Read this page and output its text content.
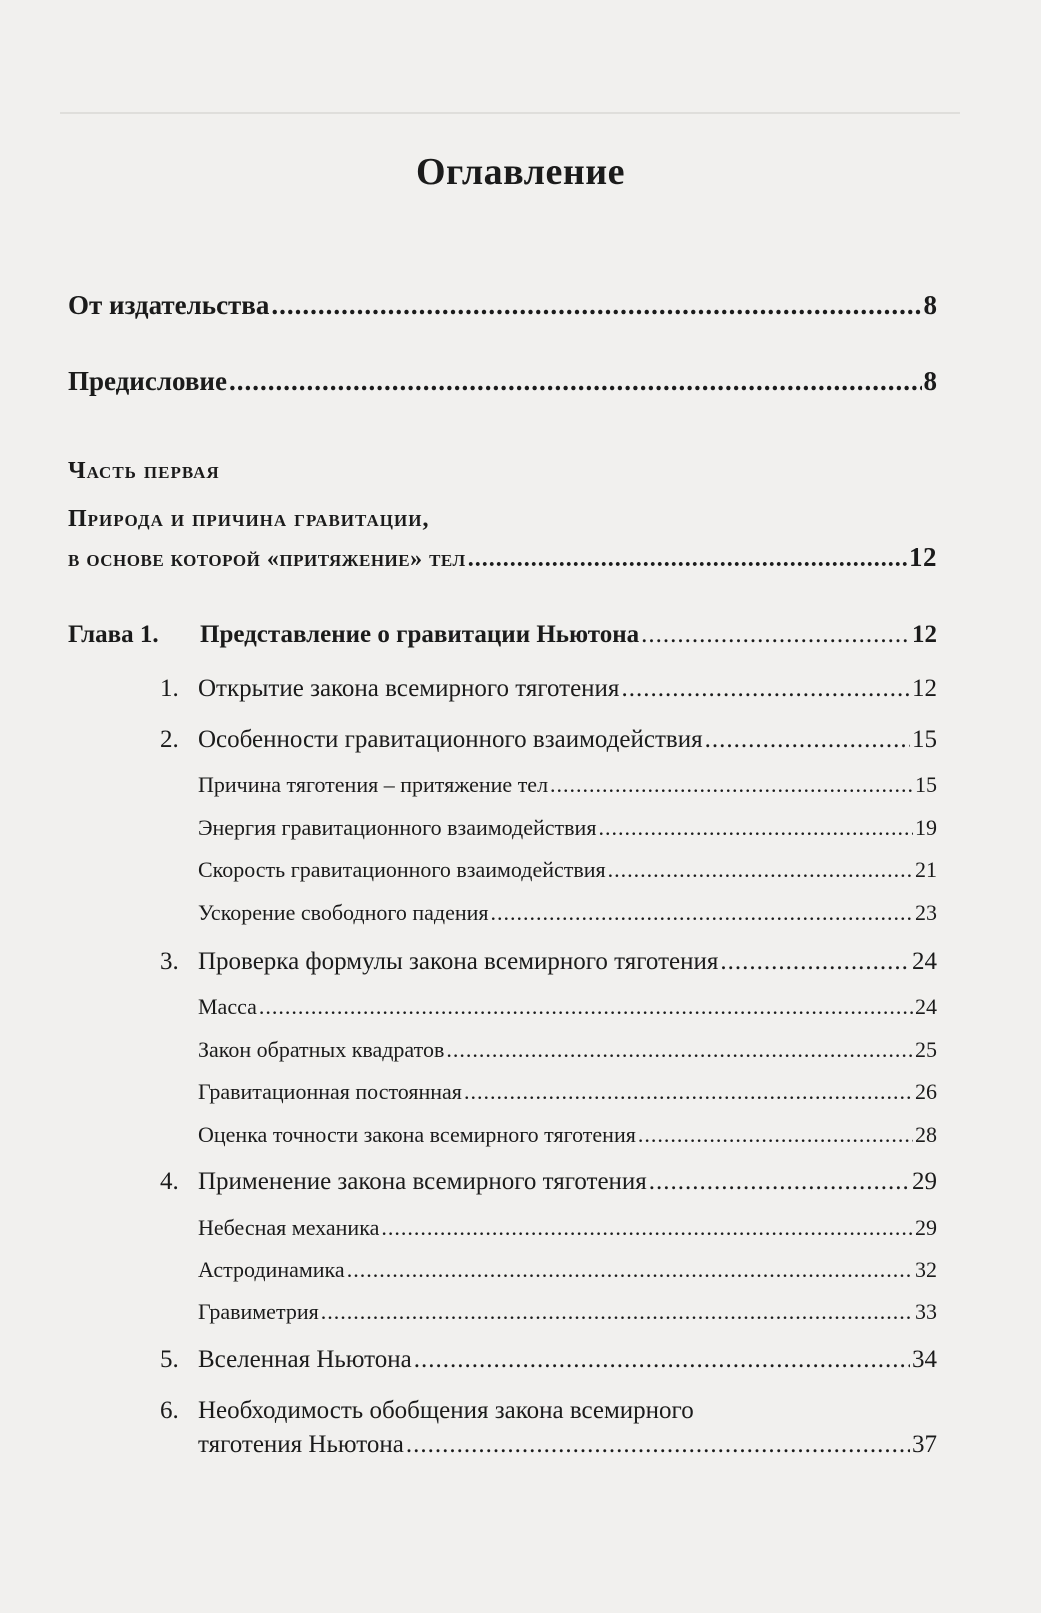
Оглавление
От издательства .....	8
Предисловие .....	8
Часть первая
Природа и причина гравитации,
в основе которой «притяжение» тел .....	12
Глава 1.	Представление о гравитации Ньютона .....	12
1. Открытие закона всемирного тяготения .....	12
2. Особенности гравитационного взаимодействия .....	15
Причина тяготения – притяжение тел .....	15
Энергия гравитационного взаимодействия .....	19
Скорость гравитационного взаимодействия .....	21
Ускорение свободного падения .....	23
3. Проверка формулы закона всемирного тяготения .....	24
Масса .....	24
Закон обратных квадратов .....	25
Гравитационная постоянная .....	26
Оценка точности закона всемирного тяготения .....	28
4. Применение закона всемирного тяготения .....	29
Небесная механика .....	29
Астродинамика .....	32
Гравиметрия .....	33
5. Вселенная Ньютона .....	34
6. Необходимость обобщения закона всемирного
тяготения Ньютона .....	37
